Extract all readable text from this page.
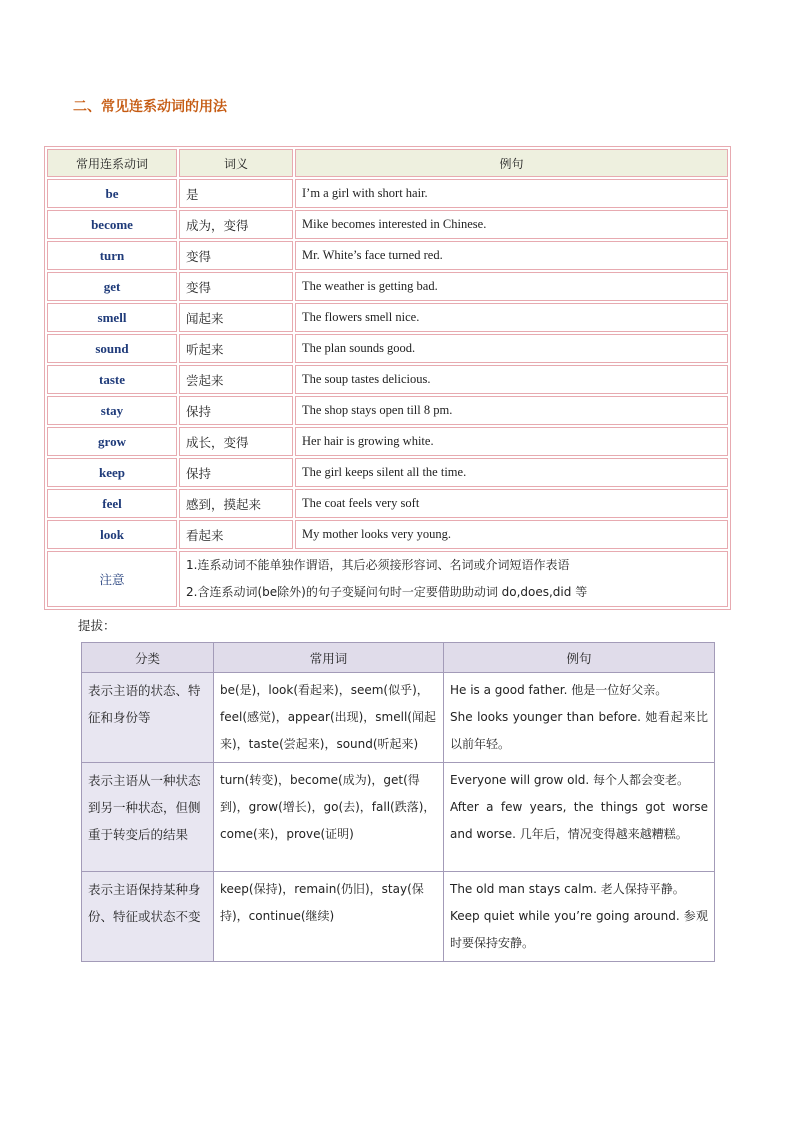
二、常见连系动词的用法
常用连系动词	词义	例句
be	是	I’m a girl with short hair.
become	成为，变得	Mike becomes interested in Chinese.
turn	变得	Mr. White’s face turned red.
get	变得	The weather is getting bad.
smell	闻起来	The flowers smell nice.
sound	听起来	The plan sounds good.
taste	尝起来	The soup tastes delicious.
stay	保持	The shop stays open till 8 pm.
grow	成长，变得	Her hair is growing white.
keep	保持	The girl keeps silent all the time.
feel	感到，摸起来	The coat feels very soft
look	看起来	My mother looks very young.
注意	1.连系动词不能单独作谓语，其后必须接形容词、名词或介词短语作表语
2.含连系动词(be除外)的句子变疑问句时一定要借助助动词 do,does,did 等	
提拔：
分类	常用词	例句
表示主语的状态、特征和身份等	be(是)，look(看起来)，seem(似乎)，feel(感觉)，appear(出现)，smell(闻起来)，taste(尝起来)，sound(听起来)	He is a good father. 他是一位好父亲。
She looks younger than before. 她看起来比以前年轻。

表示主语从一种状态到另一种状态，但侧重于转变后的结果	turn(转变)，become(成为)，get(得到)，grow(增长)，go(去)，fall(跌落)，come(来)，prove(证明)	Everyone will grow old. 每个人都会变老。
After a few years, the things got worse and worse. 几年后，情况变得越来越糟糕。

表示主语保持某种身份、特征或状态不变	keep(保持)，remain(仍旧)，stay(保持)，continue(继续)	The old man stays calm. 老人保持平静。
Keep quiet while you’re going around. 参观时要保持安静。
